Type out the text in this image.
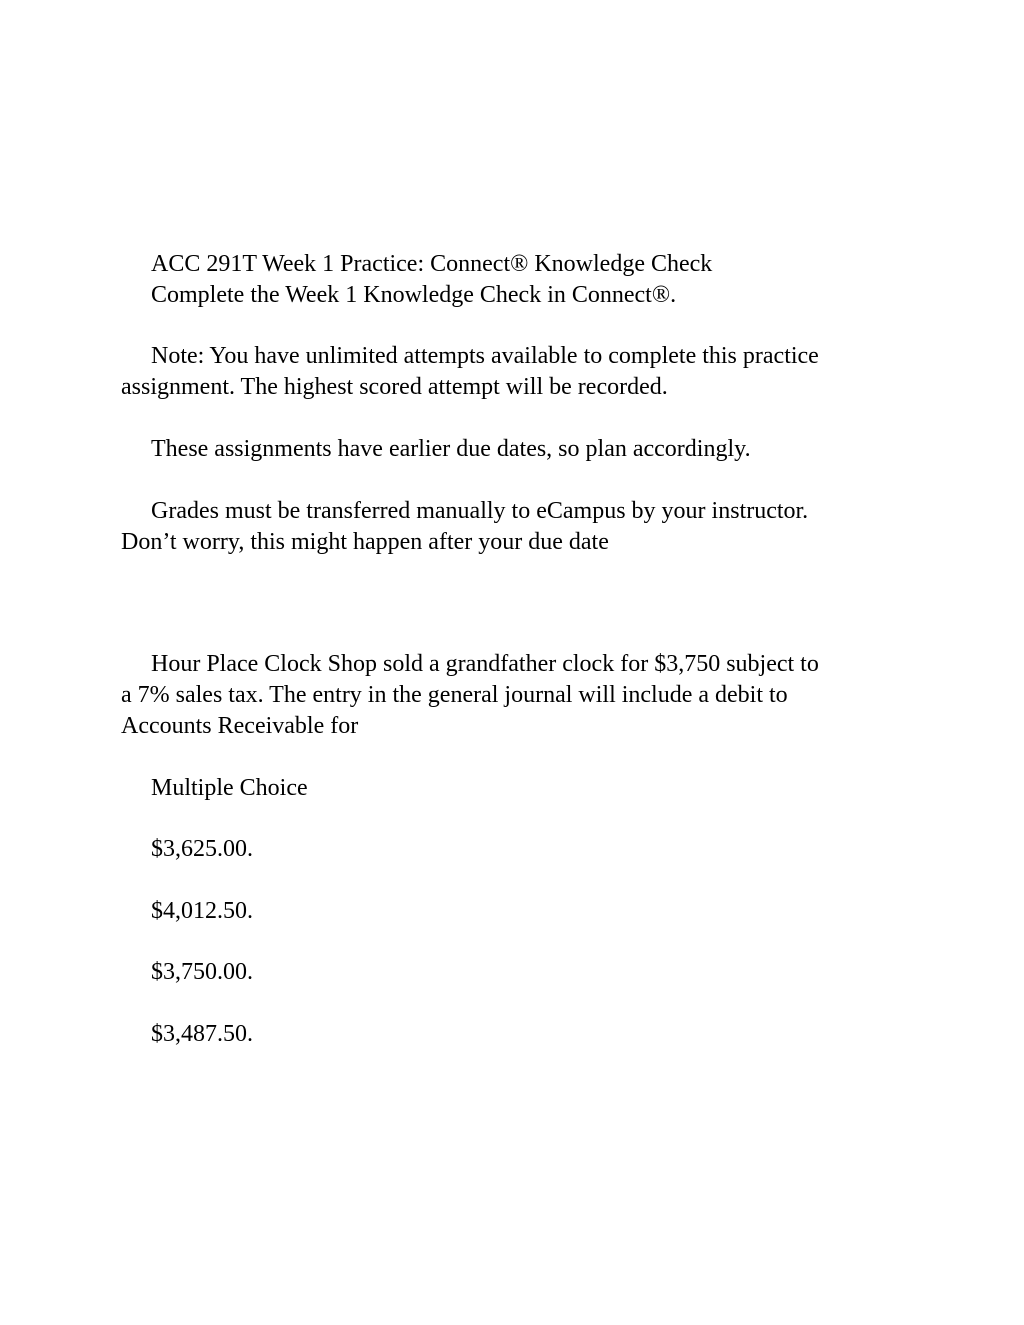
ACC 291T Week 1 Practice: Connect® Knowledge Check

Complete the Week 1 Knowledge Check in Connect®.

Note: You have unlimited attempts available to complete this practice

assignment. The highest scored attempt will be recorded.

These assignments have earlier due dates, so plan accordingly.

Grades must be transferred manually to eCampus by your instructor.

Don’t worry, this might happen after your due date

Hour Place Clock Shop sold a grandfather clock for $3,750 subject to

a 7% sales tax. The entry in the general journal will include a debit to

Accounts Receivable for

Multiple Choice

$3,625.00.

$4,012.50.

$3,750.00.

$3,487.50.
